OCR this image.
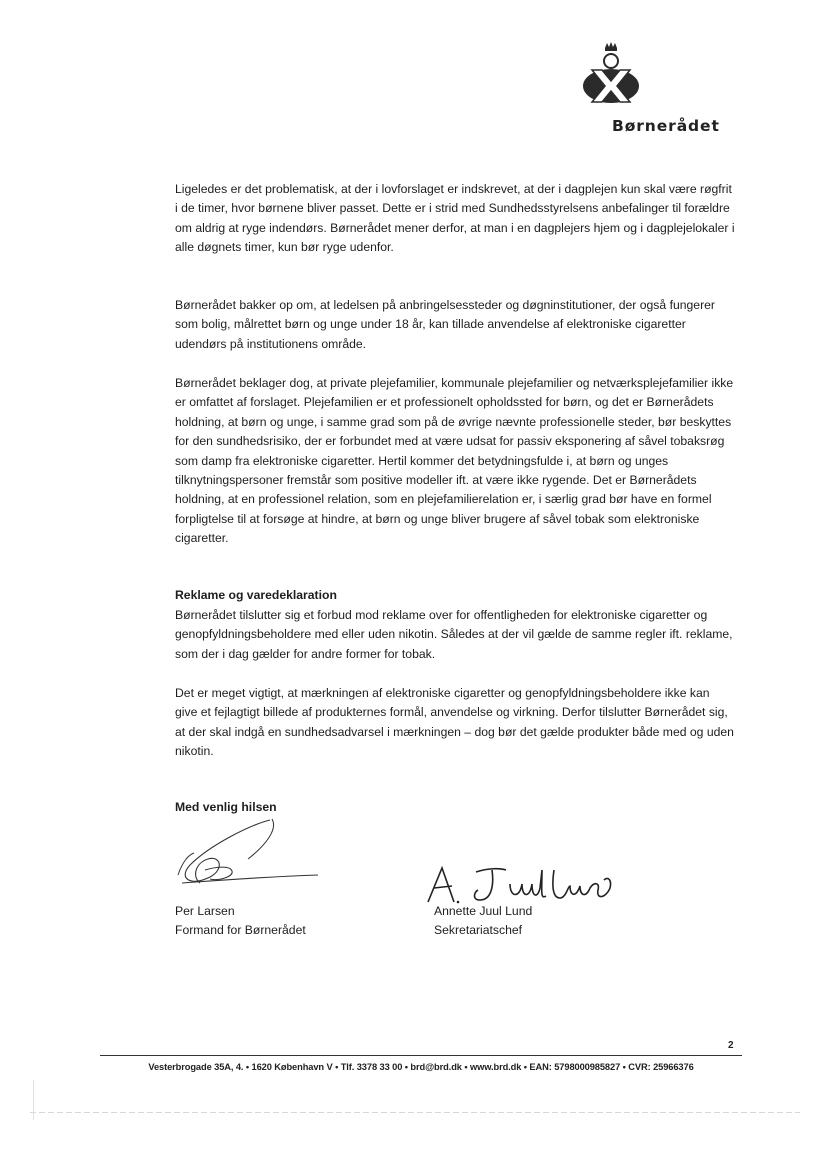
Børnerådet

Ligeledes er det problematisk, at der i lovforslaget er indskrevet, at der i dagplejen kun skal være røgfrit i de timer, hvor børnene bliver passet. Dette er i strid med Sundhedsstyrelsens anbefalinger til forældre om aldrig at ryge indendørs. Børnerådet mener derfor, at man i en dagplejers hjem og i dagplejelokaler i alle døgnets timer, kun bør ryge udenfor.

Børnerådet bakker op om, at ledelsen på anbringelsessteder og døgninstitutioner, der også fungerer som bolig, målrettet børn og unge under 18 år, kan tillade anvendelse af elektroniske cigaretter udendørs på institutionens område.

Børnerådet beklager dog, at private plejefamilier, kommunale plejefamilier og netværksplejefamilier ikke er omfattet af forslaget. Plejefamilien er et professionelt opholdssted for børn, og det er Børnerådets holdning, at børn og unge, i samme grad som på de øvrige nævnte professionelle steder, bør beskyttes for den sundhedsrisiko, der er forbundet med at være udsat for passiv eksponering af såvel tobaksrøg som damp fra elektroniske cigaretter. Hertil kommer det betydningsfulde i, at børn og unges tilknytningspersoner fremstår som positive modeller ift. at være ikke rygende. Det er Børnerådets holdning, at en professionel relation, som en plejefamilierelation er, i særlig grad bør have en formel forpligtelse til at forsøge at hindre, at børn og unge bliver brugere af såvel tobak som elektroniske cigaretter.

Reklame og varedeklaration

Børnerådet tilslutter sig et forbud mod reklame over for offentligheden for elektroniske cigaretter og genopfyldningsbeholdere med eller uden nikotin. Således at der vil gælde de samme regler ift. reklame, som der i dag gælder for andre former for tobak.

Det er meget vigtigt, at mærkningen af elektroniske cigaretter og genopfyldningsbeholdere ikke kan give et fejlagtigt billede af produkternes formål, anvendelse og virkning. Derfor tilslutter Børnerådet sig, at der skal indgå en sundhedsadvarsel i mærkningen – dog bør det gælde produkter både med og uden nikotin.

Med venlig hilsen

Per Larsen
Formand for Børnerådet
Annette Juul Lund
Sekretariatschef
2
Vesterbrogade 35A, 4. • 1620 København V • Tlf. 3378 33 00 • brd@brd.dk • www.brd.dk • EAN: 5798000985827 • CVR: 25966376
